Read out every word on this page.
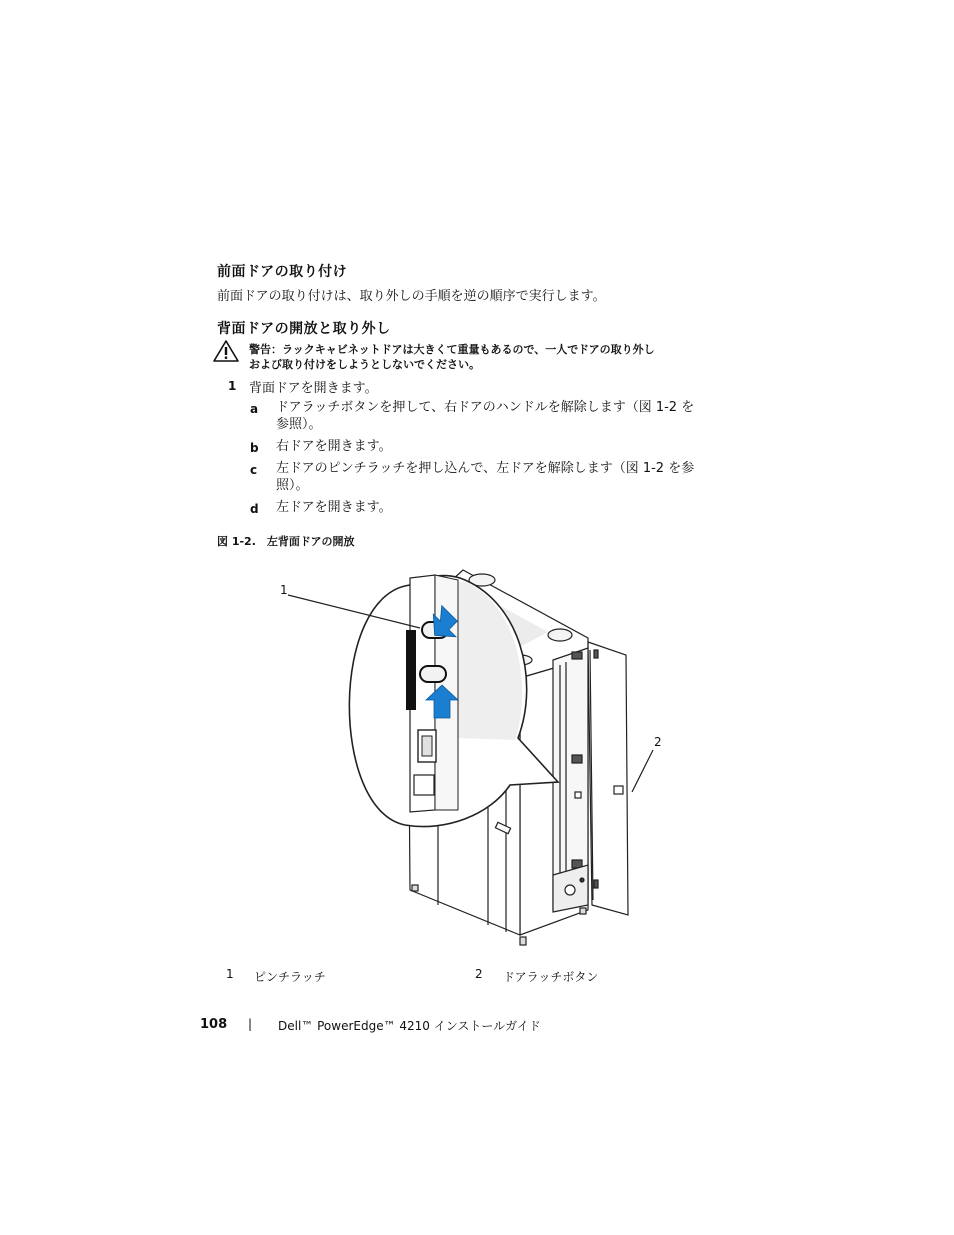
前面ドアの取り付け
前面ドアの取り付けは、取り外しの手順を逆の順序で実行します。
背面ドアの開放と取り外し
警告：ラックキャビネットドアは大きくて重量もあるので、一人でドアの取り外し
および取り付けをしようとしないでください。
1 背面ドアを開きます。
a ドアラッチボタンを押して、右ドアのハンドルを解除します（図 1-2 を
参照）。
b 右ドアを開きます。
c 左ドアのピンチラッチを押し込んで、左ドアを解除します（図 1-2 を参
照）。
d 左ドアを開きます。
図 1-2.　左背面ドアの開放
1
2
1 ピンチラッチ	2 ドアラッチボタン
108 | Dell™ PowerEdge™ 4210 インストールガイド
